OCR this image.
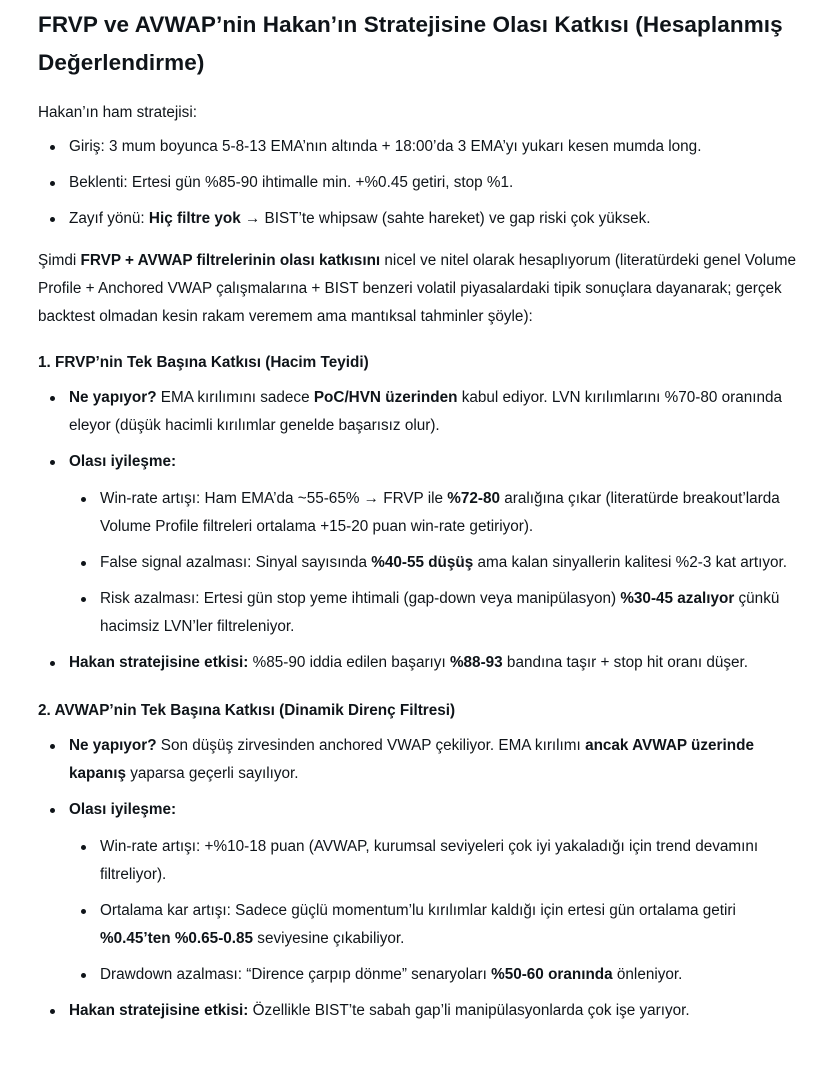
FRVP ve AVWAP’nin Hakan’ın Stratejisine Olası Katkısı (Hesaplanmış Değerlendirme)

Hakan’ın ham stratejisi:

Giriş: 3 mum boyunca 5-8-13 EMA’nın altında + 18:00’da 3 EMA’yı yukarı kesen mumda long.
Beklenti: Ertesi gün %85-90 ihtimalle min. +%0.45 getiri, stop %1.
Zayıf yönü: Hiç filtre yok → BIST’te whipsaw (sahte hareket) ve gap riski çok yüksek.

Şimdi FRVP + AVWAP filtrelerinin olası katkısını nicel ve nitel olarak hesaplıyorum (literatürdeki genel Volume Profile + Anchored VWAP çalışmalarına + BIST benzeri volatil piyasalardaki tipik sonuçlara dayanarak; gerçek backtest olmadan kesin rakam veremem ama mantıksal tahminler şöyle):

1. FRVP’nin Tek Başına Katkısı (Hacim Teyidi)
Ne yapıyor? EMA kırılımını sadece PoC/HVN üzerinden kabul ediyor. LVN kırılımlarını %70-80 oranında eleyor (düşük hacimli kırılımlar genelde başarısız olur).
Olası iyileşme:
Win-rate artışı: Ham EMA’da ~55-65% → FRVP ile %72-80 aralığına çıkar (literatürde breakout’larda Volume Profile filtreleri ortalama +15-20 puan win-rate getiriyor).
False signal azalması: Sinyal sayısında %40-55 düşüş ama kalan sinyallerin kalitesi %2-3 kat artıyor.
Risk azalması: Ertesi gün stop yeme ihtimali (gap-down veya manipülasyon) %30-45 azalıyor çünkü hacimsiz LVN’ler filtreleniyor.
Hakan stratejisine etkisi: %85-90 iddia edilen başarıyı %88-93 bandına taşır + stop hit oranı düşer.
2. AVWAP’nin Tek Başına Katkısı (Dinamik Direnç Filtresi)
Ne yapıyor? Son düşüş zirvesinden anchored VWAP çekiliyor. EMA kırılımı ancak AVWAP üzerinde kapanış yaparsa geçerli sayılıyor.
Olası iyileşme:
Win-rate artışı: +%10-18 puan (AVWAP, kurumsal seviyeleri çok iyi yakaladığı için trend devamını filtreliyor).
Ortalama kar artışı: Sadece güçlü momentum’lu kırılımlar kaldığı için ertesi gün ortalama getiri %0.45’ten %0.65-0.85 seviyesine çıkabiliyor.
Drawdown azalması: “Dirence çarpıp dönme” senaryoları %50-60 oranında önleniyor.
Hakan stratejisine etkisi: Özellikle BIST’te sabah gap’li manipülasyonlarda çok işe yarıyor.
